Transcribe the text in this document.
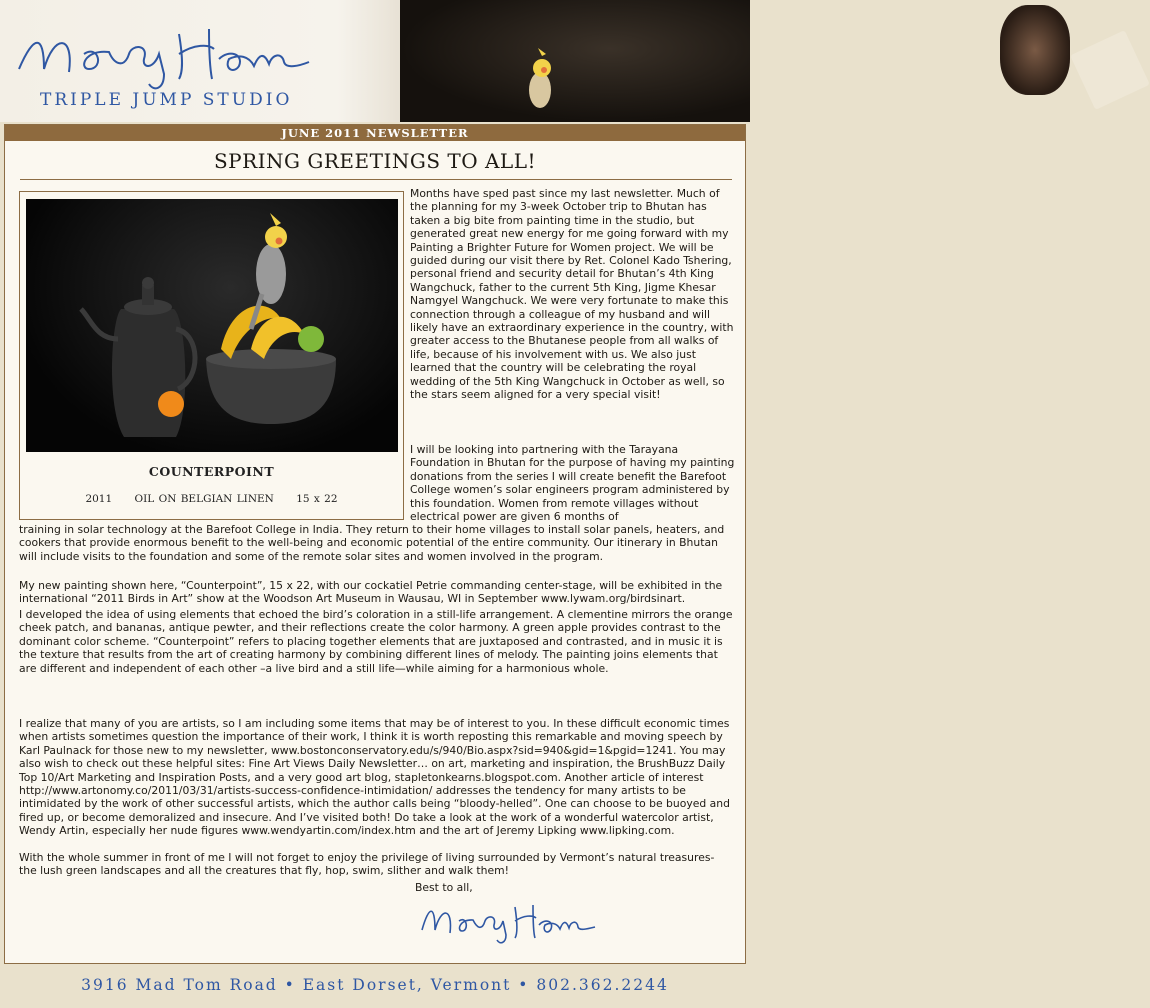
Nancy Howe
TRIPLE JUMP STUDIO
JUNE 2011 NEWSLETTER
SPRING GREETINGS TO ALL!
COUNTERPOINT
2011 OIL ON BELGIAN LINEN 15 x 22
Months have sped past since my last newsletter. Much of the planning for my 3-week October trip to Bhutan has taken a big bite from painting time in the studio, but generated great new energy for me going forward with my Painting a Brighter Future for Women project. We will be guided during our visit there by Ret. Colonel Kado Tshering, personal friend and security detail for Bhutan’s 4th King Wangchuck, father to the current 5th King, Jigme Khesar Namgyel Wangchuck. We were very fortunate to make this connection through a colleague of my husband and will likely have an extraordinary experience in the country, with greater access to the Bhutanese people from all walks of life, because of his involvement with us. We also just learned that the country will be celebrating the royal wedding of the 5th King Wangchuck in October as well, so the stars seem aligned for a very special visit!
I will be looking into partnering with the Tarayana Foundation in Bhutan for the purpose of having my painting donations from the series I will create benefit the Barefoot College women’s solar engineers program administered by this foundation. Women from remote villages without electrical power are given 6 months of
training in solar technology at the Barefoot College in India. They return to their home villages to install solar panels, heaters, and cookers that provide enormous benefit to the well-being and economic potential of the entire community. Our itinerary in Bhutan will include visits to the foundation and some of the remote solar sites and women involved in the program.
My new painting shown here, “Counterpoint”, 15 x 22, with our cockatiel Petrie commanding center-stage, will be exhibited in the international “2011 Birds in Art” show at the Woodson Art Museum in Wausau, WI in September www.lywam.org/birdsinart.
I developed the idea of using elements that echoed the bird’s coloration in a still-life arrangement. A clementine mirrors the orange cheek patch, and bananas, antique pewter, and their reflections create the color harmony. A green apple provides contrast to the dominant color scheme. “Counterpoint” refers to placing together elements that are juxtaposed and contrasted, and in music it is the texture that results from the art of creating harmony by combining different lines of melody. The painting joins elements that are different and independent of each other –a live bird and a still life—while aiming for a harmonious whole.
I realize that many of you are artists, so I am including some items that may be of interest to you. In these difficult economic times when artists sometimes question the importance of their work, I think it is worth reposting this remarkable and moving speech by Karl Paulnack for those new to my newsletter, www.bostonconservatory.edu/s/940/Bio.aspx?sid=940&gid=1&pgid=1241. You may also wish to check out these helpful sites: Fine Art Views Daily Newsletter… on art, marketing and inspiration, the BrushBuzz Daily Top 10/Art Marketing and Inspiration Posts, and a very good art blog, stapletonkearns.blogspot.com. Another article of interest http://www.artonomy.co/2011/03/31/artists-success-confidence-intimidation/ addresses the tendency for many artists to be intimidated by the work of other successful artists, which the author calls being “bloody-helled”. One can choose to be buoyed and fired up, or become demoralized and insecure. And I’ve visited both! Do take a look at the work of a wonderful watercolor artist, Wendy Artin, especially her nude figures www.wendyartin.com/index.htm and the art of Jeremy Lipking www.lipking.com.
With the whole summer in front of me I will not forget to enjoy the privilege of living surrounded by Vermont’s natural treasures- the lush green landscapes and all the creatures that fly, hop, swim, slither and walk them!
Best to all,
3916 Mad Tom Road • East Dorset, Vermont • 802.362.2244
